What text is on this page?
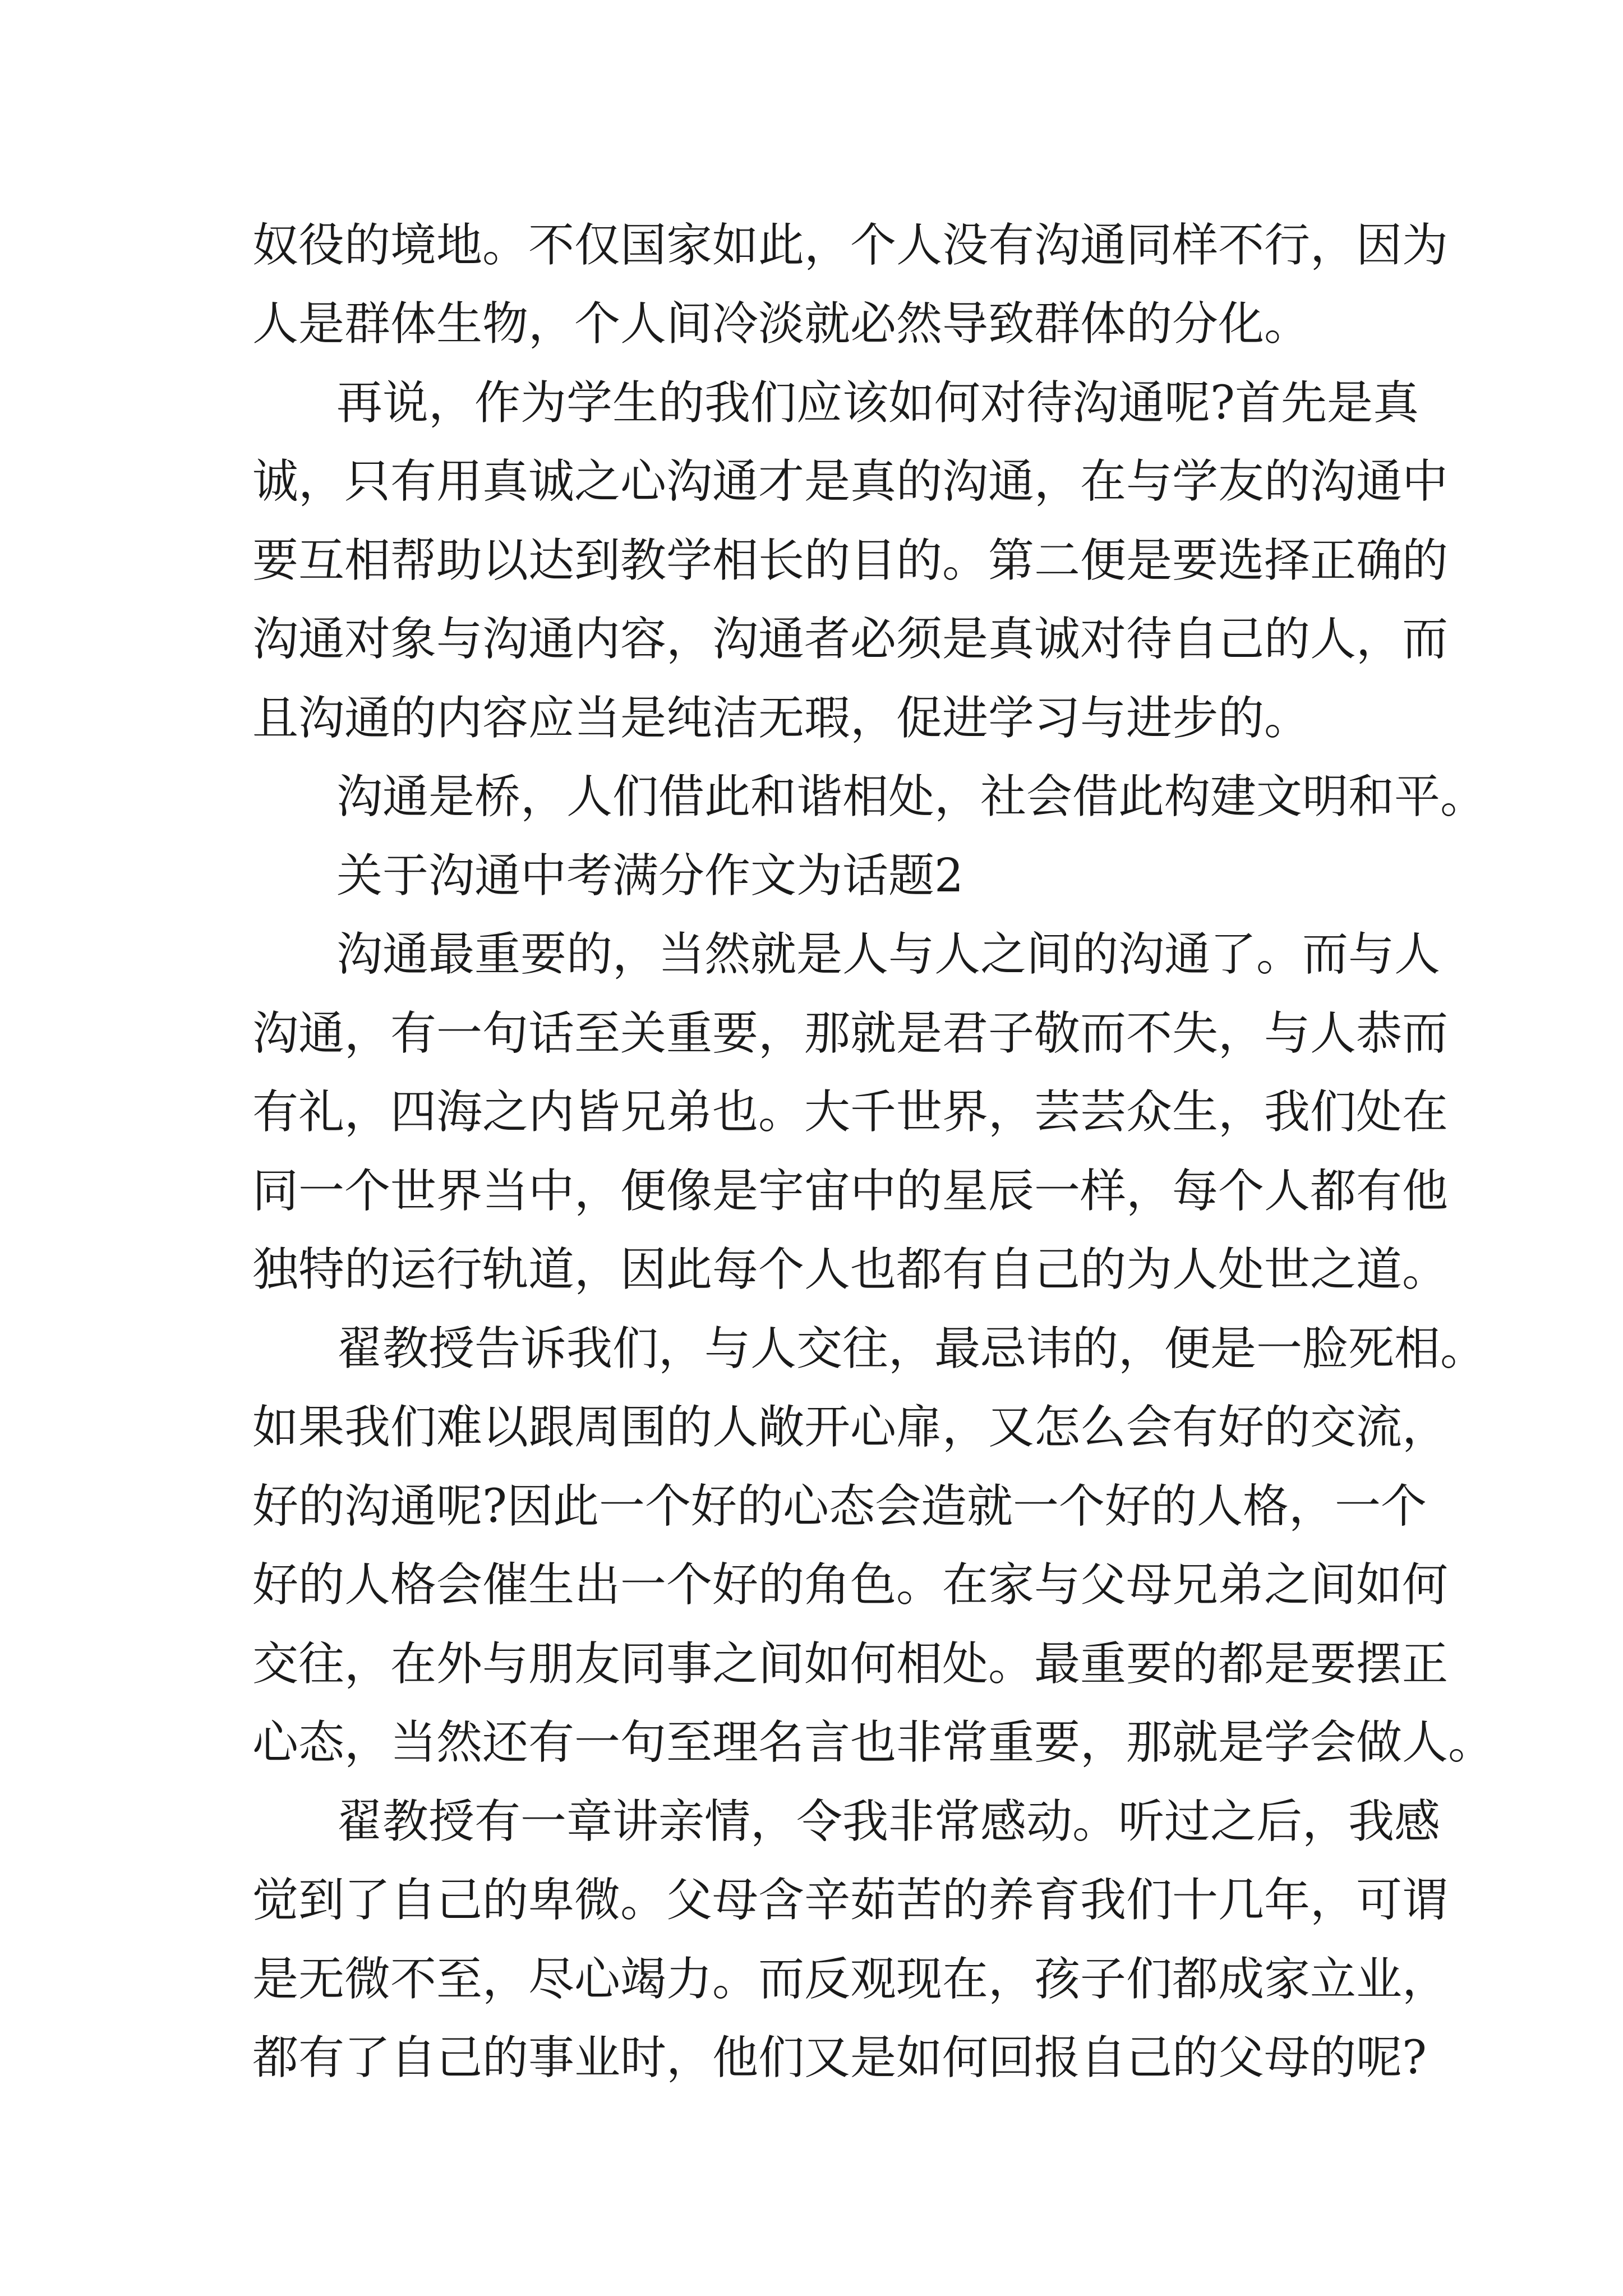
奴役的境地。不仅国家如此，个人没有沟通同样不行，因为

人是群体生物，个人间冷淡就必然导致群体的分化。

再说，作为学生的我们应该如何对待沟通呢?首先是真

诚，只有用真诚之心沟通才是真的沟通，在与学友的沟通中

要互相帮助以达到教学相长的目的。第二便是要选择正确的

沟通对象与沟通内容，沟通者必须是真诚对待自己的人，而

且沟通的内容应当是纯洁无瑕，促进学习与进步的。

沟通是桥，人们借此和谐相处，社会借此构建文明和平。

关于沟通中考满分作文为话题2

沟通最重要的，当然就是人与人之间的沟通了。而与人

沟通，有一句话至关重要，那就是君子敬而不失，与人恭而

有礼，四海之内皆兄弟也。大千世界，芸芸众生，我们处在

同一个世界当中，便像是宇宙中的星辰一样，每个人都有他

独特的运行轨道，因此每个人也都有自己的为人处世之道。

翟教授告诉我们，与人交往，最忌讳的，便是一脸死相。

如果我们难以跟周围的人敞开心扉，又怎么会有好的交流，

好的沟通呢?因此一个好的心态会造就一个好的人格，一个

好的人格会催生出一个好的角色。在家与父母兄弟之间如何

交往，在外与朋友同事之间如何相处。最重要的都是要摆正

心态，当然还有一句至理名言也非常重要，那就是学会做人。

翟教授有一章讲亲情，令我非常感动。听过之后，我感

觉到了自己的卑微。父母含辛茹苦的养育我们十几年，可谓

是无微不至，尽心竭力。而反观现在，孩子们都成家立业，

都有了自己的事业时，他们又是如何回报自己的父母的呢?
